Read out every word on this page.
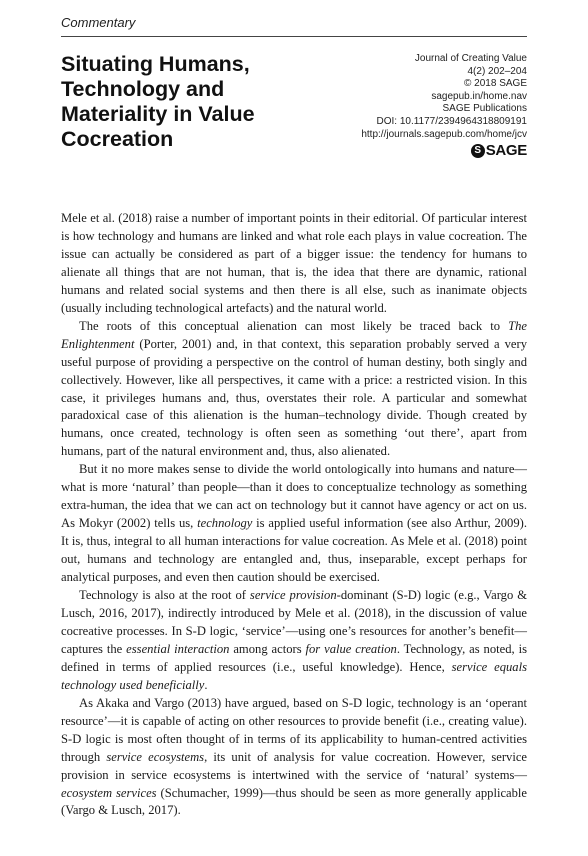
Commentary
Situating Humans, Technology and Materiality in Value Cocreation
Journal of Creating Value
4(2) 202–204
© 2018 SAGE
sagepub.in/home.nav
SAGE Publications
DOI: 10.1177/2394964318809191
http://journals.sagepub.com/home/jcv
S SAGE

Mele et al. (2018) raise a number of important points in their editorial. Of particular interest is how technology and humans are linked and what role each plays in value cocreation. The issue can actually be considered as part of a bigger issue: the tendency for humans to alienate all things that are not human, that is, the idea that there are dynamic, rational humans and related social systems and then there is all else, such as inanimate objects (usually including technological artefacts) and the natural world.

The roots of this conceptual alienation can most likely be traced back to The Enlightenment (Porter, 2001) and, in that context, this separation probably served a very useful purpose of providing a perspective on the control of human destiny, both singly and collectively. However, like all perspectives, it came with a price: a restricted vision. In this case, it privileges humans and, thus, overstates their role. A particular and somewhat paradoxical case of this alienation is the human–technology divide. Though created by humans, once created, technology is often seen as something ‘out there’, apart from humans, part of the natural environment and, thus, also alienated.

But it no more makes sense to divide the world ontologically into humans and nature—what is more ‘natural’ than people—than it does to conceptualize technology as something extra-human, the idea that we can act on technology but it cannot have agency or act on us. As Mokyr (2002) tells us, technology is applied useful information (see also Arthur, 2009). It is, thus, integral to all human interactions for value cocreation. As Mele et al. (2018) point out, humans and technology are entangled and, thus, inseparable, except perhaps for analytical purposes, and even then caution should be exercised.

Technology is also at the root of service provision-dominant (S-D) logic (e.g., Vargo & Lusch, 2016, 2017), indirectly introduced by Mele et al. (2018), in the discussion of value cocreative processes. In S-D logic, ‘service’—using one’s resources for another’s benefit—captures the essential interaction among actors for value creation. Technology, as noted, is defined in terms of applied resources (i.e., useful knowledge). Hence, service equals technology used beneficially.

As Akaka and Vargo (2013) have argued, based on S-D logic, technology is an ‘operant resource’—it is capable of acting on other resources to provide benefit (i.e., creating value). S-D logic is most often thought of in terms of its applicability to human-centred activities through service ecosystems, its unit of analysis for value cocreation. However, service provision in service ecosystems is intertwined with the service of ‘natural’ systems—ecosystem services (Schumacher, 1999)—thus should be seen as more generally applicable (Vargo & Lusch, 2017).
